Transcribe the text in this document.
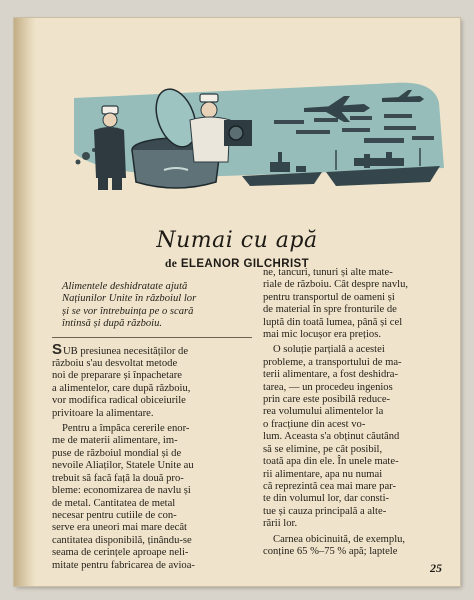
Numai cu apă
de ELEANOR GILCHRIST
Alimentele deshidratate ajută
Națiunilor Unite în războiul lor
și se vor întrebuința pe o scară
întinsă și după războiu.

SUB presiunea necesităților de
războiu s'au desvoltat metode
noi de preparare și înpachetare
a alimentelor, care după războiu,
vor modifica radical obiceiurile
privitoare la alimentare.

Pentru a împăca cererile enor-
me de materii alimentare, im-
puse de războiul mondial și de
nevoile Aliaților, Statele Unite au
trebuit să facă față la două pro-
bleme: economizarea de navlu și
de metal. Cantitatea de metal
necesar pentru cutiile de con-
serve era uneori mai mare decât
cantitatea disponibilă, ținându-se
seama de cerințele aproape neli-
mitate pentru fabricarea de avioa-

ne, tancuri, tunuri și alte mate-
riale de războiu. Cât despre navlu,
pentru transportul de oameni și
de material în spre fronturile de
luptă din toată lumea, până și cel
mai mic locușor era prețios.

O soluție parțială a acestei
probleme, a transportului de ma-
terii alimentare, a fost deshidra-
tarea, — un procedeu ingenios
prin care este posibilă reduce-
rea volumului alimentelor la
o fracțiune din acest vo-
lum. Aceasta s'a obținut căutând
să se elimine, pe cât posibil,
toată apa din ele. În unele mate-
rii alimentare, apa nu numai
că reprezintă cea mai mare par-
te din volumul lor, dar consti-
tue și cauza principală a alte-
rării lor.

Carnea obicinuită, de exemplu,
conține 65 %–75 % apă; laptele

25
